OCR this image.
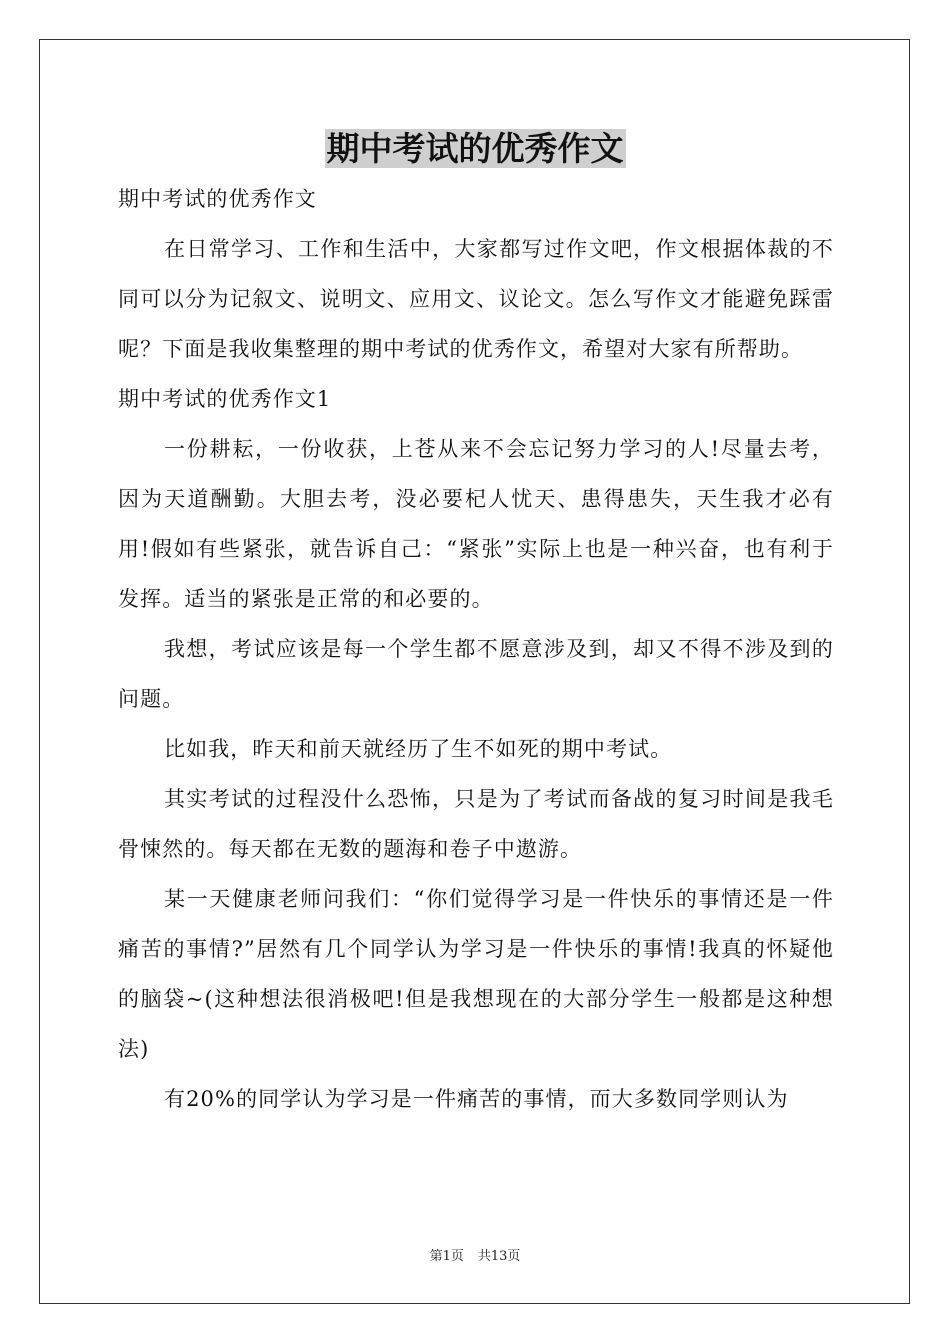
期中考试的优秀作文

期中考试的优秀作文

在日常学习、工作和生活中，大家都写过作文吧，作文根据体裁的不同可以分为记叙文、说明文、应用文、议论文。怎么写作文才能避免踩雷呢？下面是我收集整理的期中考试的优秀作文，希望对大家有所帮助。

期中考试的优秀作文1

一份耕耘，一份收获，上苍从来不会忘记努力学习的人!尽量去考，因为天道酬勤。大胆去考，没必要杞人忧天、患得患失，天生我才必有用!假如有些紧张，就告诉自己：“紧张”实际上也是一种兴奋，也有利于发挥。适当的紧张是正常的和必要的。

我想，考试应该是每一个学生都不愿意涉及到，却又不得不涉及到的问题。

比如我，昨天和前天就经历了生不如死的期中考试。

其实考试的过程没什么恐怖，只是为了考试而备战的复习时间是我毛骨悚然的。每天都在无数的题海和卷子中遨游。

某一天健康老师问我们：“你们觉得学习是一件快乐的事情还是一件痛苦的事情?”居然有几个同学认为学习是一件快乐的事情!我真的怀疑他的脑袋~(这种想法很消极吧!但是我想现在的大部分学生一般都是这种想法)

有20%的同学认为学习是一件痛苦的事情，而大多数同学则认为

第1页 共13页
